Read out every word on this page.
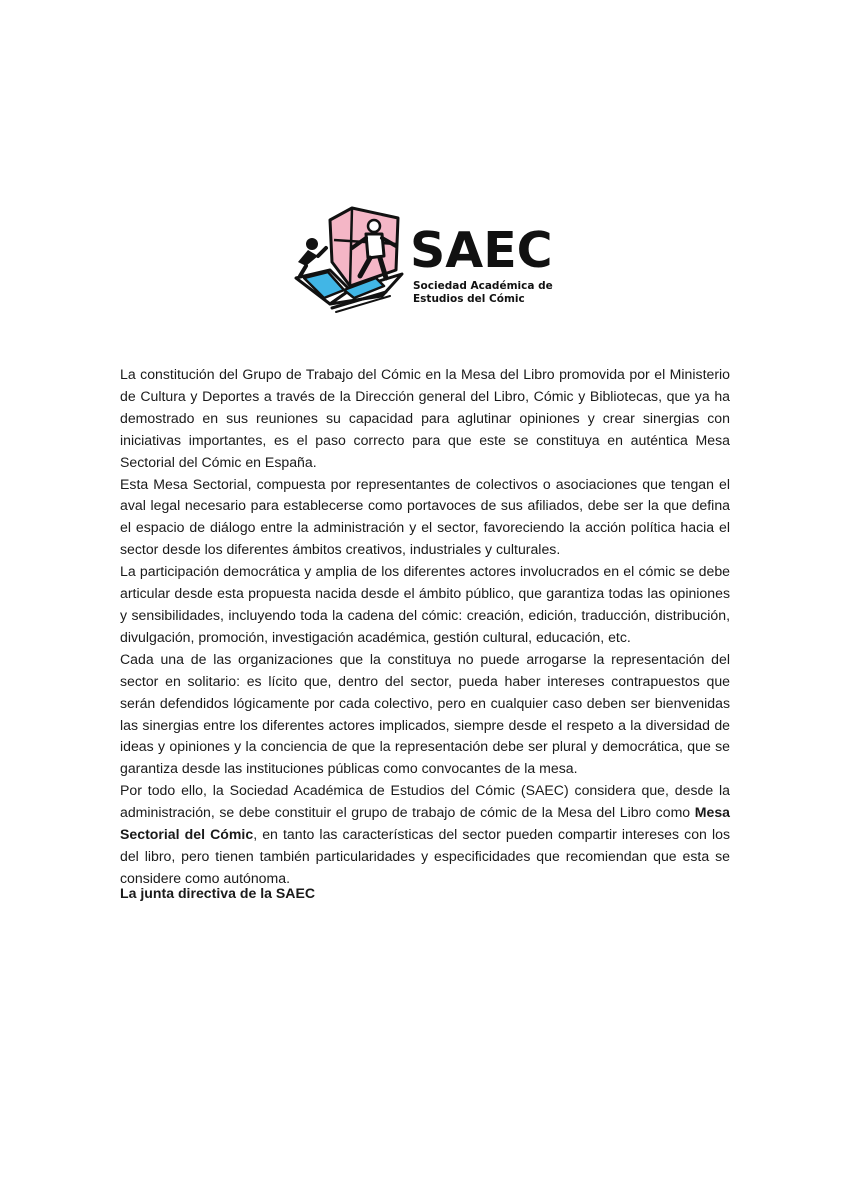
SAEC
Sociedad Académica de
Estudios del Cómic

La constitución del Grupo de Trabajo del Cómic en la Mesa del Libro promovida por el Ministerio de Cultura y Deportes a través de la Dirección general del Libro, Cómic y Bibliotecas, que ya ha demostrado en sus reuniones su capacidad para aglutinar opiniones y crear sinergias con iniciativas importantes, es el paso correcto para que este se constituya en auténtica Mesa Sectorial del Cómic en España.

Esta Mesa Sectorial, compuesta por representantes de colectivos o asociaciones que tengan el aval legal necesario para establecerse como portavoces de sus afiliados, debe ser la que defina el espacio de diálogo entre la administración y el sector, favoreciendo la acción política hacia el sector desde los diferentes ámbitos creativos, industriales y culturales.

La participación democrática y amplia de los diferentes actores involucrados en el cómic se debe articular desde esta propuesta nacida desde el ámbito público, que garantiza todas las opiniones y sensibilidades, incluyendo toda la cadena del cómic: creación, edición, traducción, distribución, divulgación, promoción, investigación académica, gestión cultural, educación, etc.

Cada una de las organizaciones que la constituya no puede arrogarse la representación del sector en solitario: es lícito que, dentro del sector, pueda haber intereses contrapuestos que serán defendidos lógicamente por cada colectivo, pero en cualquier caso deben ser bienvenidas las sinergias entre los diferentes actores implicados, siempre desde el respeto a la diversidad de ideas y opiniones y la conciencia de que la representación debe ser plural y democrática, que se garantiza desde las instituciones públicas como convocantes de la mesa.

Por todo ello, la Sociedad Académica de Estudios del Cómic (SAEC) considera que, desde la administración, se debe constituir el grupo de trabajo de cómic de la Mesa del Libro como Mesa Sectorial del Cómic, en tanto las características del sector pueden compartir intereses con los del libro, pero tienen también particularidades y especificidades que recomiendan que esta se considere como autónoma.

La junta directiva de la SAEC
